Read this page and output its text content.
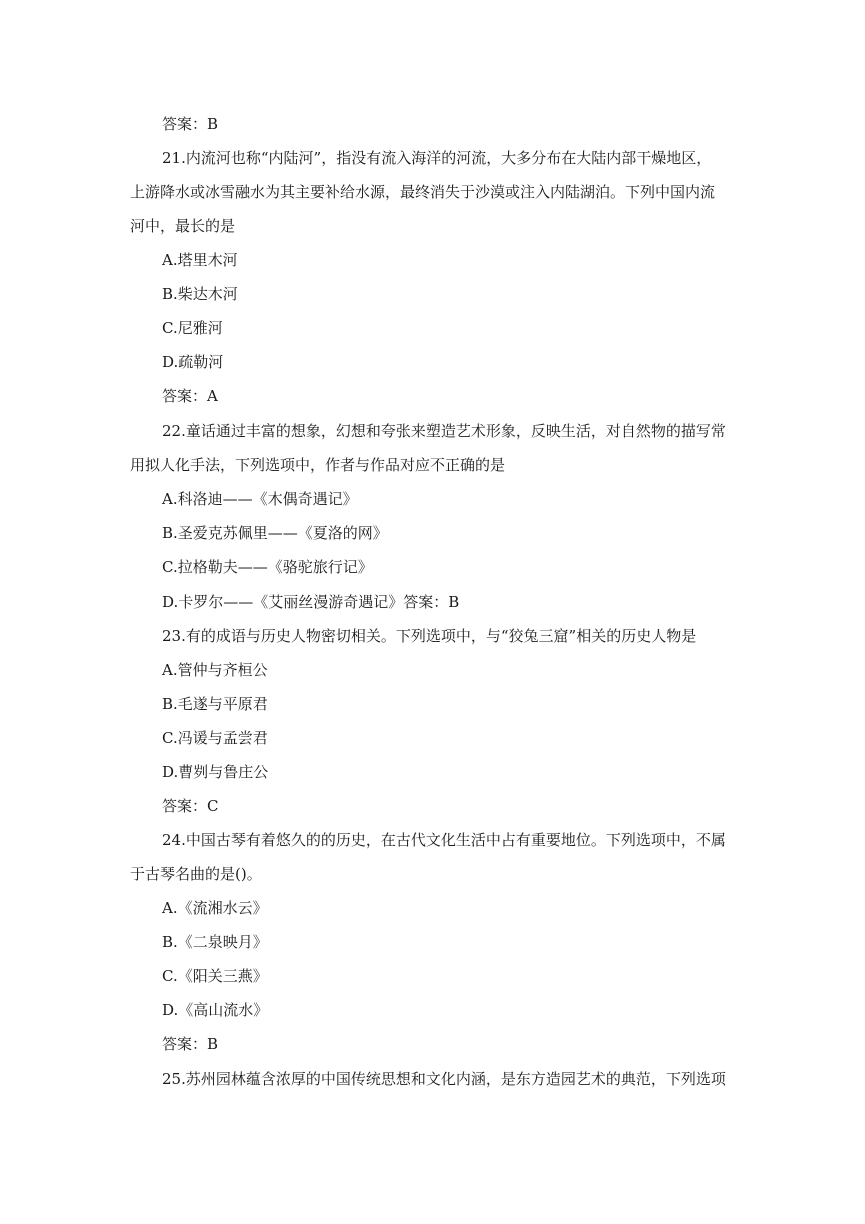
答案：B
21.内流河也称“内陆河”，指没有流入海洋的河流，大多分布在大陆内部干燥地区，
上游降水或冰雪融水为其主要补给水源，最终消失于沙漠或注入内陆湖泊。下列中国内流
河中，最长的是
A.塔里木河
B.柴达木河
C.尼雅河
D.疏勒河
答案：A
22.童话通过丰富的想象，幻想和夸张来塑造艺术形象，反映生活，对自然物的描写常
用拟人化手法，下列选项中，作者与作品对应不正确的是
A.科洛迪——《木偶奇遇记》
B.圣爱克苏佩里——《夏洛的网》
C.拉格勒夫——《骆驼旅行记》
D.卡罗尔——《艾丽丝漫游奇遇记》答案：B
23.有的成语与历史人物密切相关。下列选项中，与“狡兔三窟”相关的历史人物是
A.管仲与齐桓公
B.毛遂与平原君
C.冯谖与孟尝君
D.曹刿与鲁庄公
答案：C
24.中国古琴有着悠久的的历史，在古代文化生活中占有重要地位。下列选项中，不属
于古琴名曲的是()。
A.《流湘水云》
B.《二泉映月》
C.《阳关三燕》
D.《高山流水》
答案：B
25.苏州园林蕴含浓厚的中国传统思想和文化内涵，是东方造园艺术的典范，下列选项
